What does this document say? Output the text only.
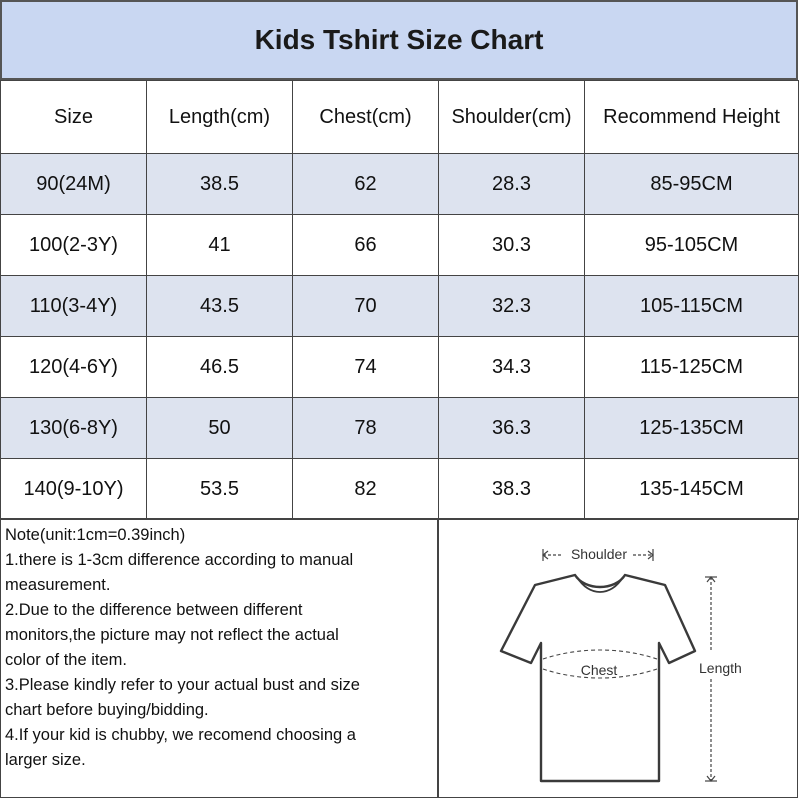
Kids Tshirt Size Chart
Size	Length(cm)	Chest(cm)	Shoulder(cm)	Recommend Height
90(24M)	38.5	62	28.3	85-95CM
100(2-3Y)	41	66	30.3	95-105CM
110(3-4Y)	43.5	70	32.3	105-115CM
120(4-6Y)	46.5	74	34.3	115-125CM
130(6-8Y)	50	78	36.3	125-135CM
140(9-10Y)	53.5	82	38.3	135-145CM
Note(unit:1cm=0.39inch)
1.there is 1-3cm difference according to manual
measurement.
2.Due to the difference between different
monitors,the picture may not reflect the actual
color of the item.
3.Please kindly refer to your actual bust and size
chart before buying/bidding.
4.If your kid is chubby, we recomend choosing a
larger size.
Shoulder
Chest	Length
